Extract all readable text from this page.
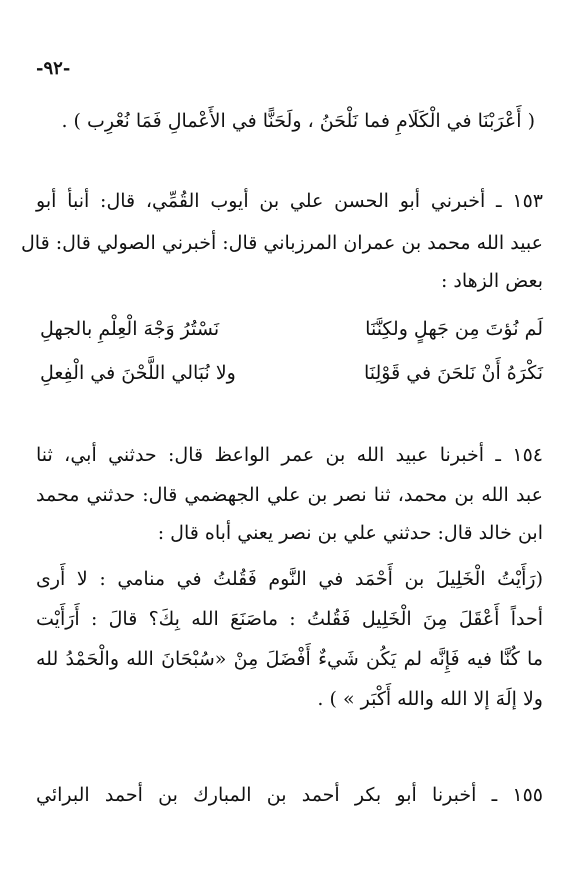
-٩٢-
( أَعْرَبْنَا في الْكَلَامِ فما نَلْحَنُ ، ولَحَنًّا في الأَعْمالِ فَمَا نُعْرِب ) .
١٥٣ ـ أخبرني أبو الحسن علي بن أيوب القُمِّي، قال: أنبأ أبو
عبيد الله محمد بن عمران المرزباني قال: أخبرني الصولي قال: قال
بعض الزهاد :
لَم نُؤتَ مِن جَهلٍ ولكِنَّنَا
نَسْتُرُ وَجْهَ الْعِلْمِ بالجهلِ
نَكْرَهُ أَنْ نَلحَنَ في قَوْلِنَا
ولا نُبَالي اللَّحْنَ في الْفِعلِ
١٥٤ ـ أخبرنا عبيد الله بن عمر الواعظ قال: حدثني أبي، ثنا
عبد الله بن محمد، ثنا نصر بن علي الجهضمي قال: حدثني محمد
ابن خالد قال: حدثني علي بن نصر يعني أباه قال :
(رَأَيْتُ الْخَلِيلَ بن أَحْمَد في النَّوم فَقُلتُ في منامي : لا أَرى
أحداً أَعْقَلَ مِنَ الْخَلِيل فَقُلتُ : ماصَنَعَ الله بِكَ؟ قالَ : أَرَأَيْت
ما كُنَّا فيه فَإِنَّه لم يَكُن شَيءٌ أَفْضَلَ مِنْ «سُبْحَانَ الله والْحَمْدُ لله
ولا إلَهَ إلا الله والله أَكْبَر » ) .
١٥٥ ـ أخبرنا أبو بكر أحمد بن المبارك بن أحمد البرائي
